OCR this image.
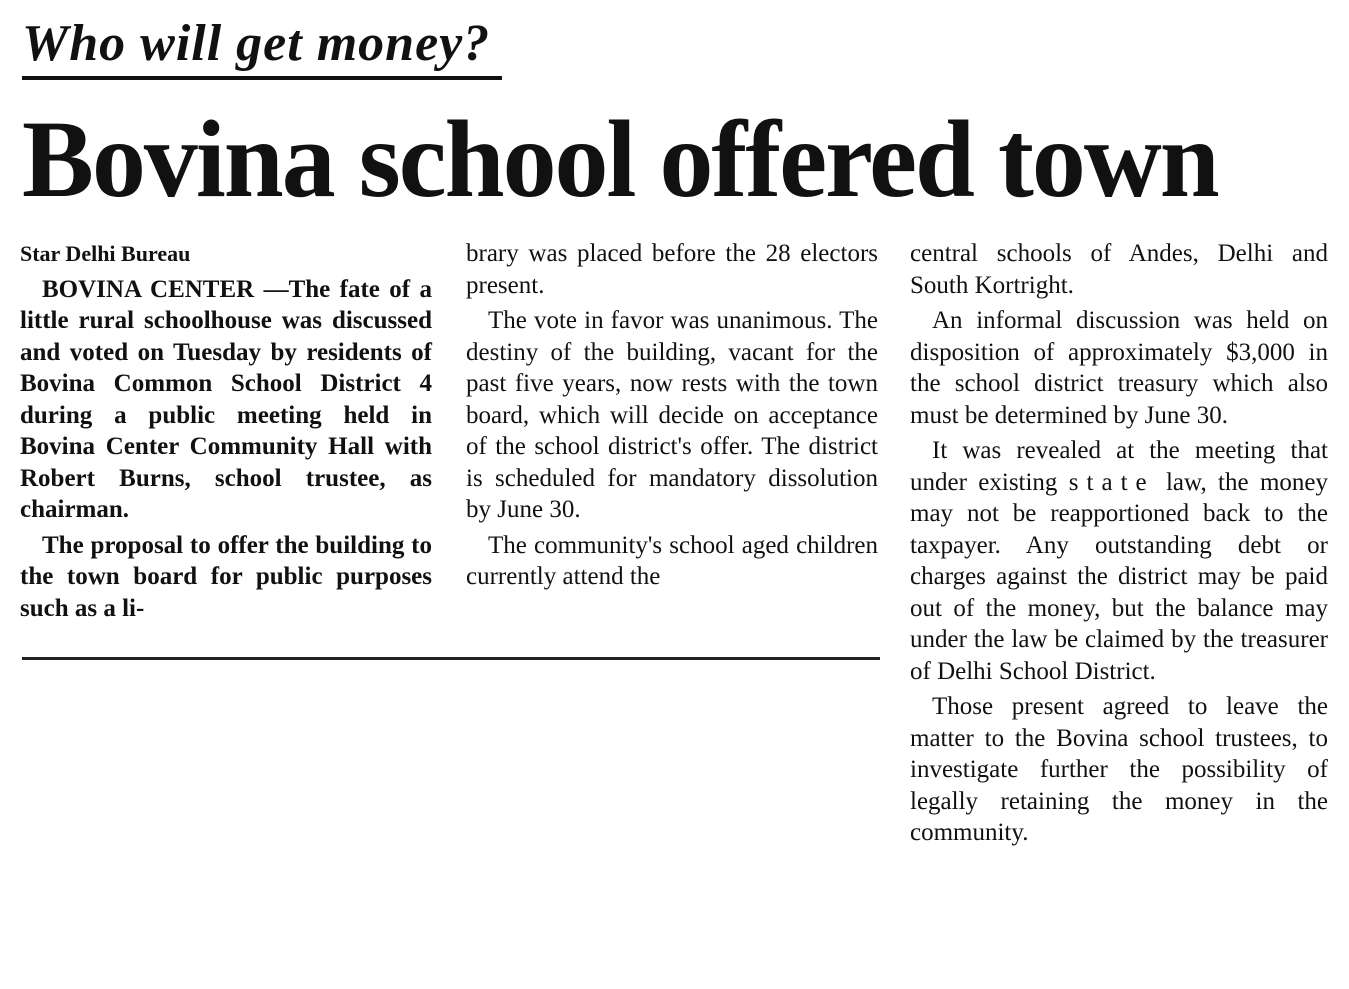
Who will get money?
Bovina school offered town

Star Delhi Bureau

BOVINA CENTER —The fate of a little rural schoolhouse was discussed and voted on Tuesday by residents of Bovina Common School District 4 during a public meeting held in Bovina Center Community Hall with Robert Burns, school trustee, as chairman.

The proposal to offer the building to the town board for public purposes such as a li-

brary was placed before the 28 electors present.

The vote in favor was unanimous. The destiny of the building, vacant for the past five years, now rests with the town board, which will decide on acceptance of the school district's offer. The district is scheduled for mandatory dissolution by June 30.

The community's school aged children currently attend the

central schools of Andes, Delhi and South Kortright.

An informal discussion was held on disposition of approximately $3,000 in the school district treasury which also must be determined by June 30.

It was revealed at the meeting that under existing state law, the money may not be reapportioned back to the taxpayer. Any outstanding debt or charges against the district may be paid out of the money, but the balance may under the law be claimed by the treasurer of Delhi School District.

Those present agreed to leave the matter to the Bovina school trustees, to investigate further the possibility of legally retaining the money in the community.
